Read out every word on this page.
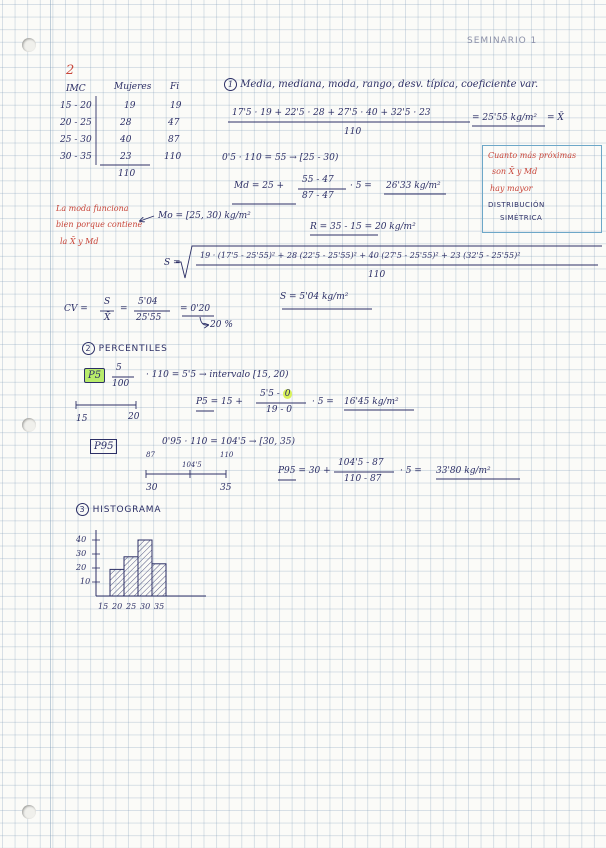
SEMINARIO 1
2
IMC	Mujeres Fi
15 - 20	19	19
20 - 25	28	47
25 - 30	40	87
30 - 35	23	110
110
1 Media, mediana, moda, rango, desv. típica, coeficiente var.
17'5 · 19 + 22'5 · 28 + 27'5 · 40 + 32'5 · 23
110
= 25'55 kg/m² = X̄
0'5 · 110 = 55 → [25 - 30)
Md = 25 +
55 - 47
87 - 47
· 5 = 26'33 kg/m²
La moda funciona
bien porque contiene
la X̄ y Md
Mo = [25, 30) kg/m²
R = 35 - 15 = 20 kg/m²
S =
19 · (17'5 - 25'55)² + 28 (22'5 - 25'55)² + 40 (27'5 - 25'55)² + 23 (32'5 - 25'55)²
110
S = 5'04 kg/m²
CV =
S
X̄
=
5'04
25'55
= 0'20
20 %
Cuanto más próximas
son X̄ y Md
hay mayor
DISTRIBUCIÓN
SIMÉTRICA
2 PERCENTILES
P5
5
100
· 110 = 5'5 → intervalo [15, 20)
15	20
P5 = 15 +
5'5 - 0
19 - 0
· 5 = 16'45 kg/m²
P95	0'95 · 110 = 104'5 → [30, 35)
87	110
104'5
30	35
P95 = 30 +
104'5 - 87
110 - 87
· 5 = 33'80 kg/m²
3 HISTOGRAMA
40
30
20
10
15 20 25 30 35
